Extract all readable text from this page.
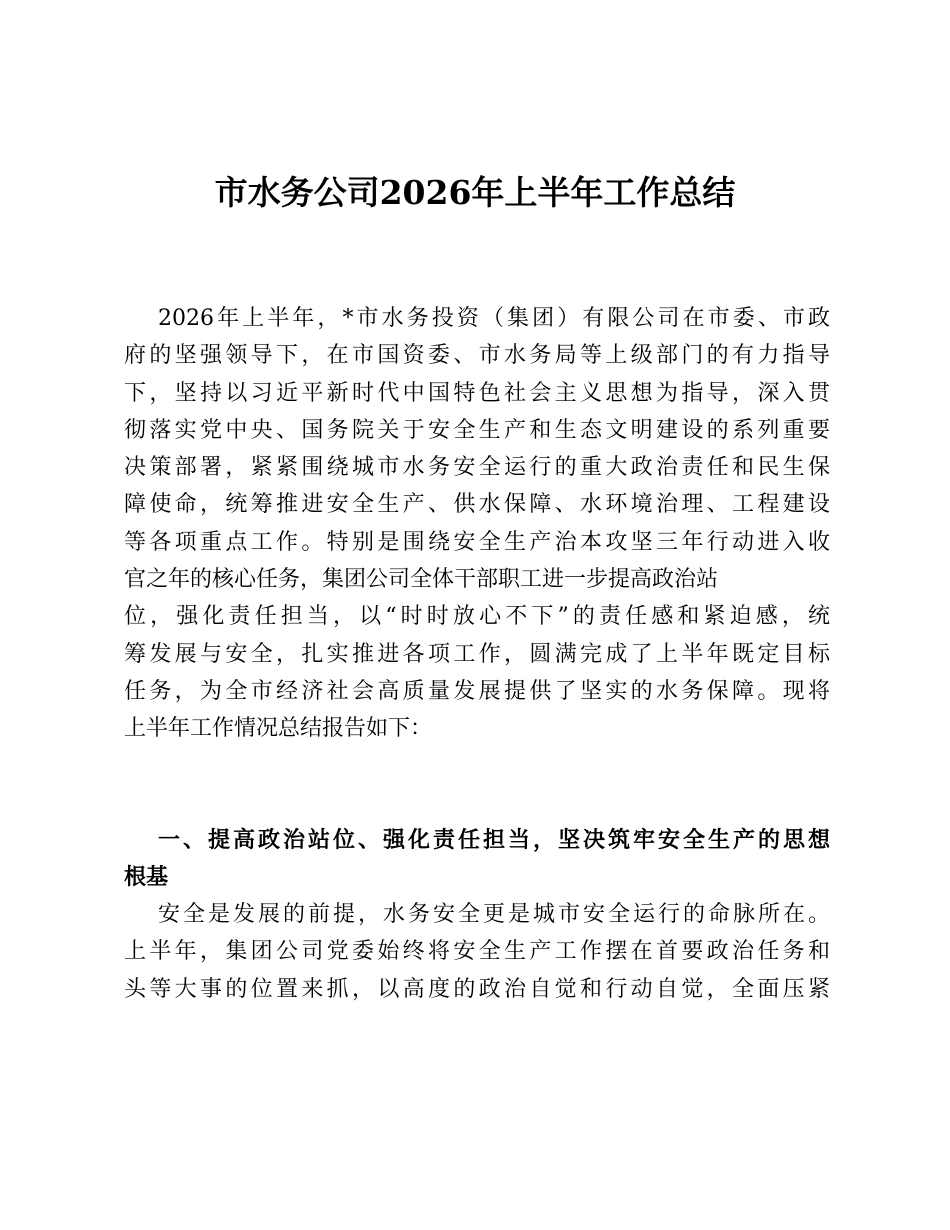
市水务公司2026年上半年工作总结
2026年上半年，*市水务投资（集团）有限公司在市委、市政
府的坚强领导下，在市国资委、市水务局等上级部门的有力指导
下，坚持以习近平新时代中国特色社会主义思想为指导，深入贯
彻落实党中央、国务院关于安全生产和生态文明建设的系列重要
决策部署，紧紧围绕城市水务安全运行的重大政治责任和民生保
障使命，统筹推进安全生产、供水保障、水环境治理、工程建设
等各项重点工作。特别是围绕安全生产治本攻坚三年行动进入收
官之年的核心任务，集团公司全体干部职工进一步提高政治站
位，强化责任担当，以“时时放心不下”的责任感和紧迫感，统
筹发展与安全，扎实推进各项工作，圆满完成了上半年既定目标
任务，为全市经济社会高质量发展提供了坚实的水务保障。现将
上半年工作情况总结报告如下：
一、提高政治站位、强化责任担当，坚决筑牢安全生产的思想
根基
安全是发展的前提，水务安全更是城市安全运行的命脉所在。
上半年，集团公司党委始终将安全生产工作摆在首要政治任务和
头等大事的位置来抓，以高度的政治自觉和行动自觉，全面压紧
